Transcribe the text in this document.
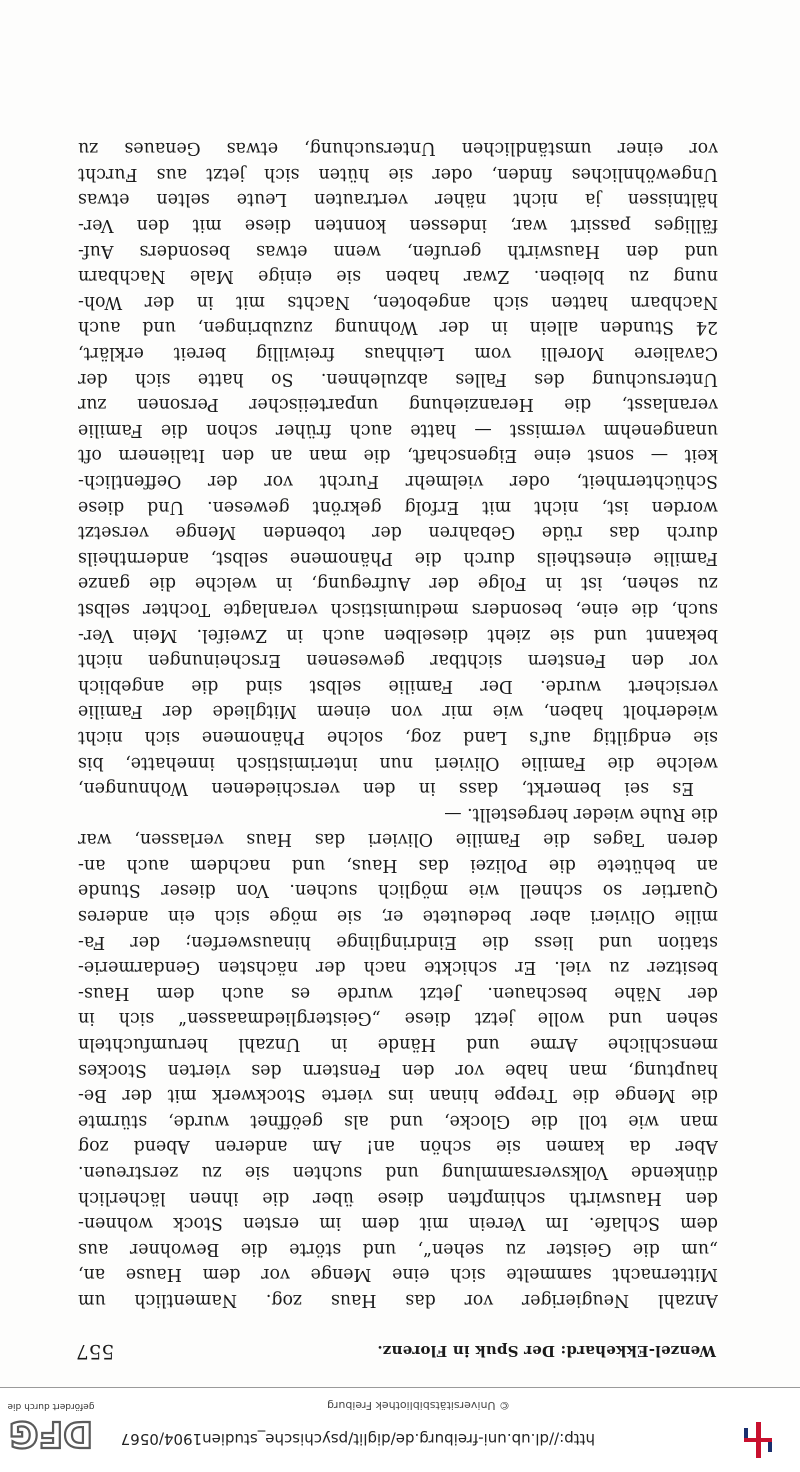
http://dl.ub.uni-freiburg.de/diglit/psychische_studien1904/0567
© Universitätsbibliothek Freiburg
DFG
gefördert durch die
Wenzel-Ekkehard: Der Spuk in Florenz.
557
Anzahl Neugieriger vor das Haus zog. Namentlich um
Mitternacht sammelte sich eine Menge vor dem Hause an,
„um die Geister zu sehen“, und störte die Bewohner aus
dem Schlafe. Im Verein mit dem im ersten Stock wohnen-
den Hauswirth schimpften diese über die ihnen lächerlich
dünkende Volksversammlung und suchten sie zu zerstreuen.
Aber da kamen sie schön an! Am anderen Abend zog
man wie toll die Glocke, und als geöffnet wurde, stürmte
die Menge die Treppe hinan ins vierte Stockwerk mit der Be-
hauptung, man habe vor den Fenstern des vierten Stockes
menschliche Arme und Hände in Unzahl herumfuchteln
sehen und wolle jetzt diese „Geistergliedmaassen“ sich in
der Nähe beschauen. Jetzt wurde es auch dem Haus-
besitzer zu viel. Er schickte nach der nächsten Gendarmerie-
station und liess die Eindringlinge hinauswerfen; der Fa-
milie Olivieri aber bedeutete er, sie möge sich ein anderes
Quartier so schnell wie möglich suchen. Von dieser Stunde
an behütete die Polizei das Haus, und nachdem auch an-
deren Tages die Familie Olivieri das Haus verlassen, war
die Ruhe wieder hergestellt. —
Es sei bemerkt, dass in den verschiedenen Wohnungen,
welche die Familie Olivieri nun interimistisch innehatte, bis
sie endgiltig auf's Land zog, solche Phänomene sich nicht
wiederholt haben, wie mir von einem Mitgliede der Familie
versichert wurde. Der Familie selbst sind die angeblich
vor den Fenstern sichtbar gewesenen Erscheinungen nicht
bekannt und sie zieht dieselben auch in Zweifel. Mein Ver-
such, die eine, besonders mediumistisch veranlagte Tochter selbst
zu sehen, ist in Folge der Aufregung, in welche die ganze
Familie einestheils durch die Phänomene selbst, anderntheils
durch das rüde Gebahren der tobenden Menge versetzt
worden ist, nicht mit Erfolg gekrönt gewesen. Und diese
Schüchternheit, oder vielmehr Furcht vor der Oeffentlich-
keit — sonst eine Eigenschaft, die man an den Italienern oft
unangenehm vermisst — hatte auch früher schon die Familie
veranlasst, die Heranziehung unparteiischer Personen zur
Untersuchung des Falles abzulehnen. So hatte sich der
Cavaliere Morelli vom Leihhaus freiwillig bereit erklärt,
24 Stunden allein in der Wohnung zuzubringen, und auch
Nachbarn hatten sich angeboten, Nachts mit in der Woh-
nung zu bleiben. Zwar haben sie einige Male Nachbarn
und den Hauswirth gerufen, wenn etwas besonders Auf-
fälliges passirt war, indessen konnten diese mit den Ver-
hältnissen ja nicht näher vertrauten Leute selten etwas
Ungewöhnliches finden, oder sie hüten sich jetzt aus Furcht
vor einer umständlichen Untersuchung, etwas Genaues zu
